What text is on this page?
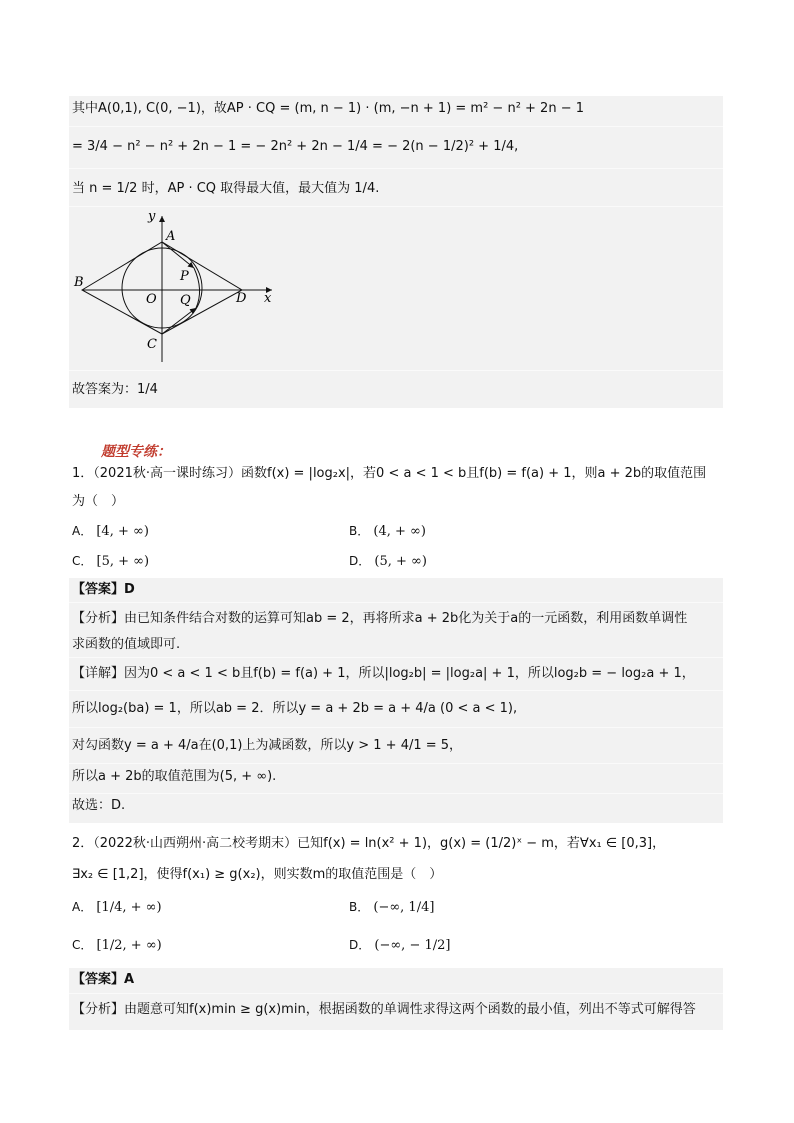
其中A(0,1), C(0, −1)，故AP · CQ = (m, n − 1) · (m, −n + 1) = m² − n² + 2n − 1
= 3/4 − n² − n² + 2n − 1 = − 2n² + 2n − 1/4 = − 2(n − 1/2)² + 1/4,
当 n = 1/2 时，AP · CQ 取得最大值，最大值为 1/4.
y
x
A
B
C
D
O
P
Q
故答案为：1/4
题型专练：
1．（2021秋·高一课时练习）函数f(x) = |log₂x|，若0 < a < 1 < b且f(b) = f(a) + 1，则a + 2b的取值范围
为（　）
A． [4, + ∞)	B． (4, + ∞)
C． [5, + ∞)	D． (5, + ∞)
【答案】D
【分析】由已知条件结合对数的运算可知ab = 2，再将所求a + 2b化为关于a的一元函数，利用函数单调性
求函数的值域即可.
【详解】因为0 < a < 1 < b且f(b) = f(a) + 1，所以|log₂b| = |log₂a| + 1，所以log₂b = − log₂a + 1，
所以log₂(ba) = 1，所以ab = 2．所以y = a + 2b = a + 4/a (0 < a < 1),
对勾函数y = a + 4/a在(0,1)上为减函数，所以y > 1 + 4/1 = 5，
所以a + 2b的取值范围为(5, + ∞).
故选：D.
2．（2022秋·山西朔州·高二校考期末）已知f(x) = ln(x² + 1)，g(x) = (1/2)ˣ − m，若∀x₁ ∈ [0,3]，
∃x₂ ∈ [1,2]，使得f(x₁) ≥ g(x₂)，则实数m的取值范围是（　）
A． [1/4, + ∞)	B． (−∞, 1/4]
C． [1/2, + ∞)	D． (−∞, − 1/2]
【答案】A
【分析】由题意可知f(x)min ≥ g(x)min，根据函数的单调性求得这两个函数的最小值，列出不等式可解得答
